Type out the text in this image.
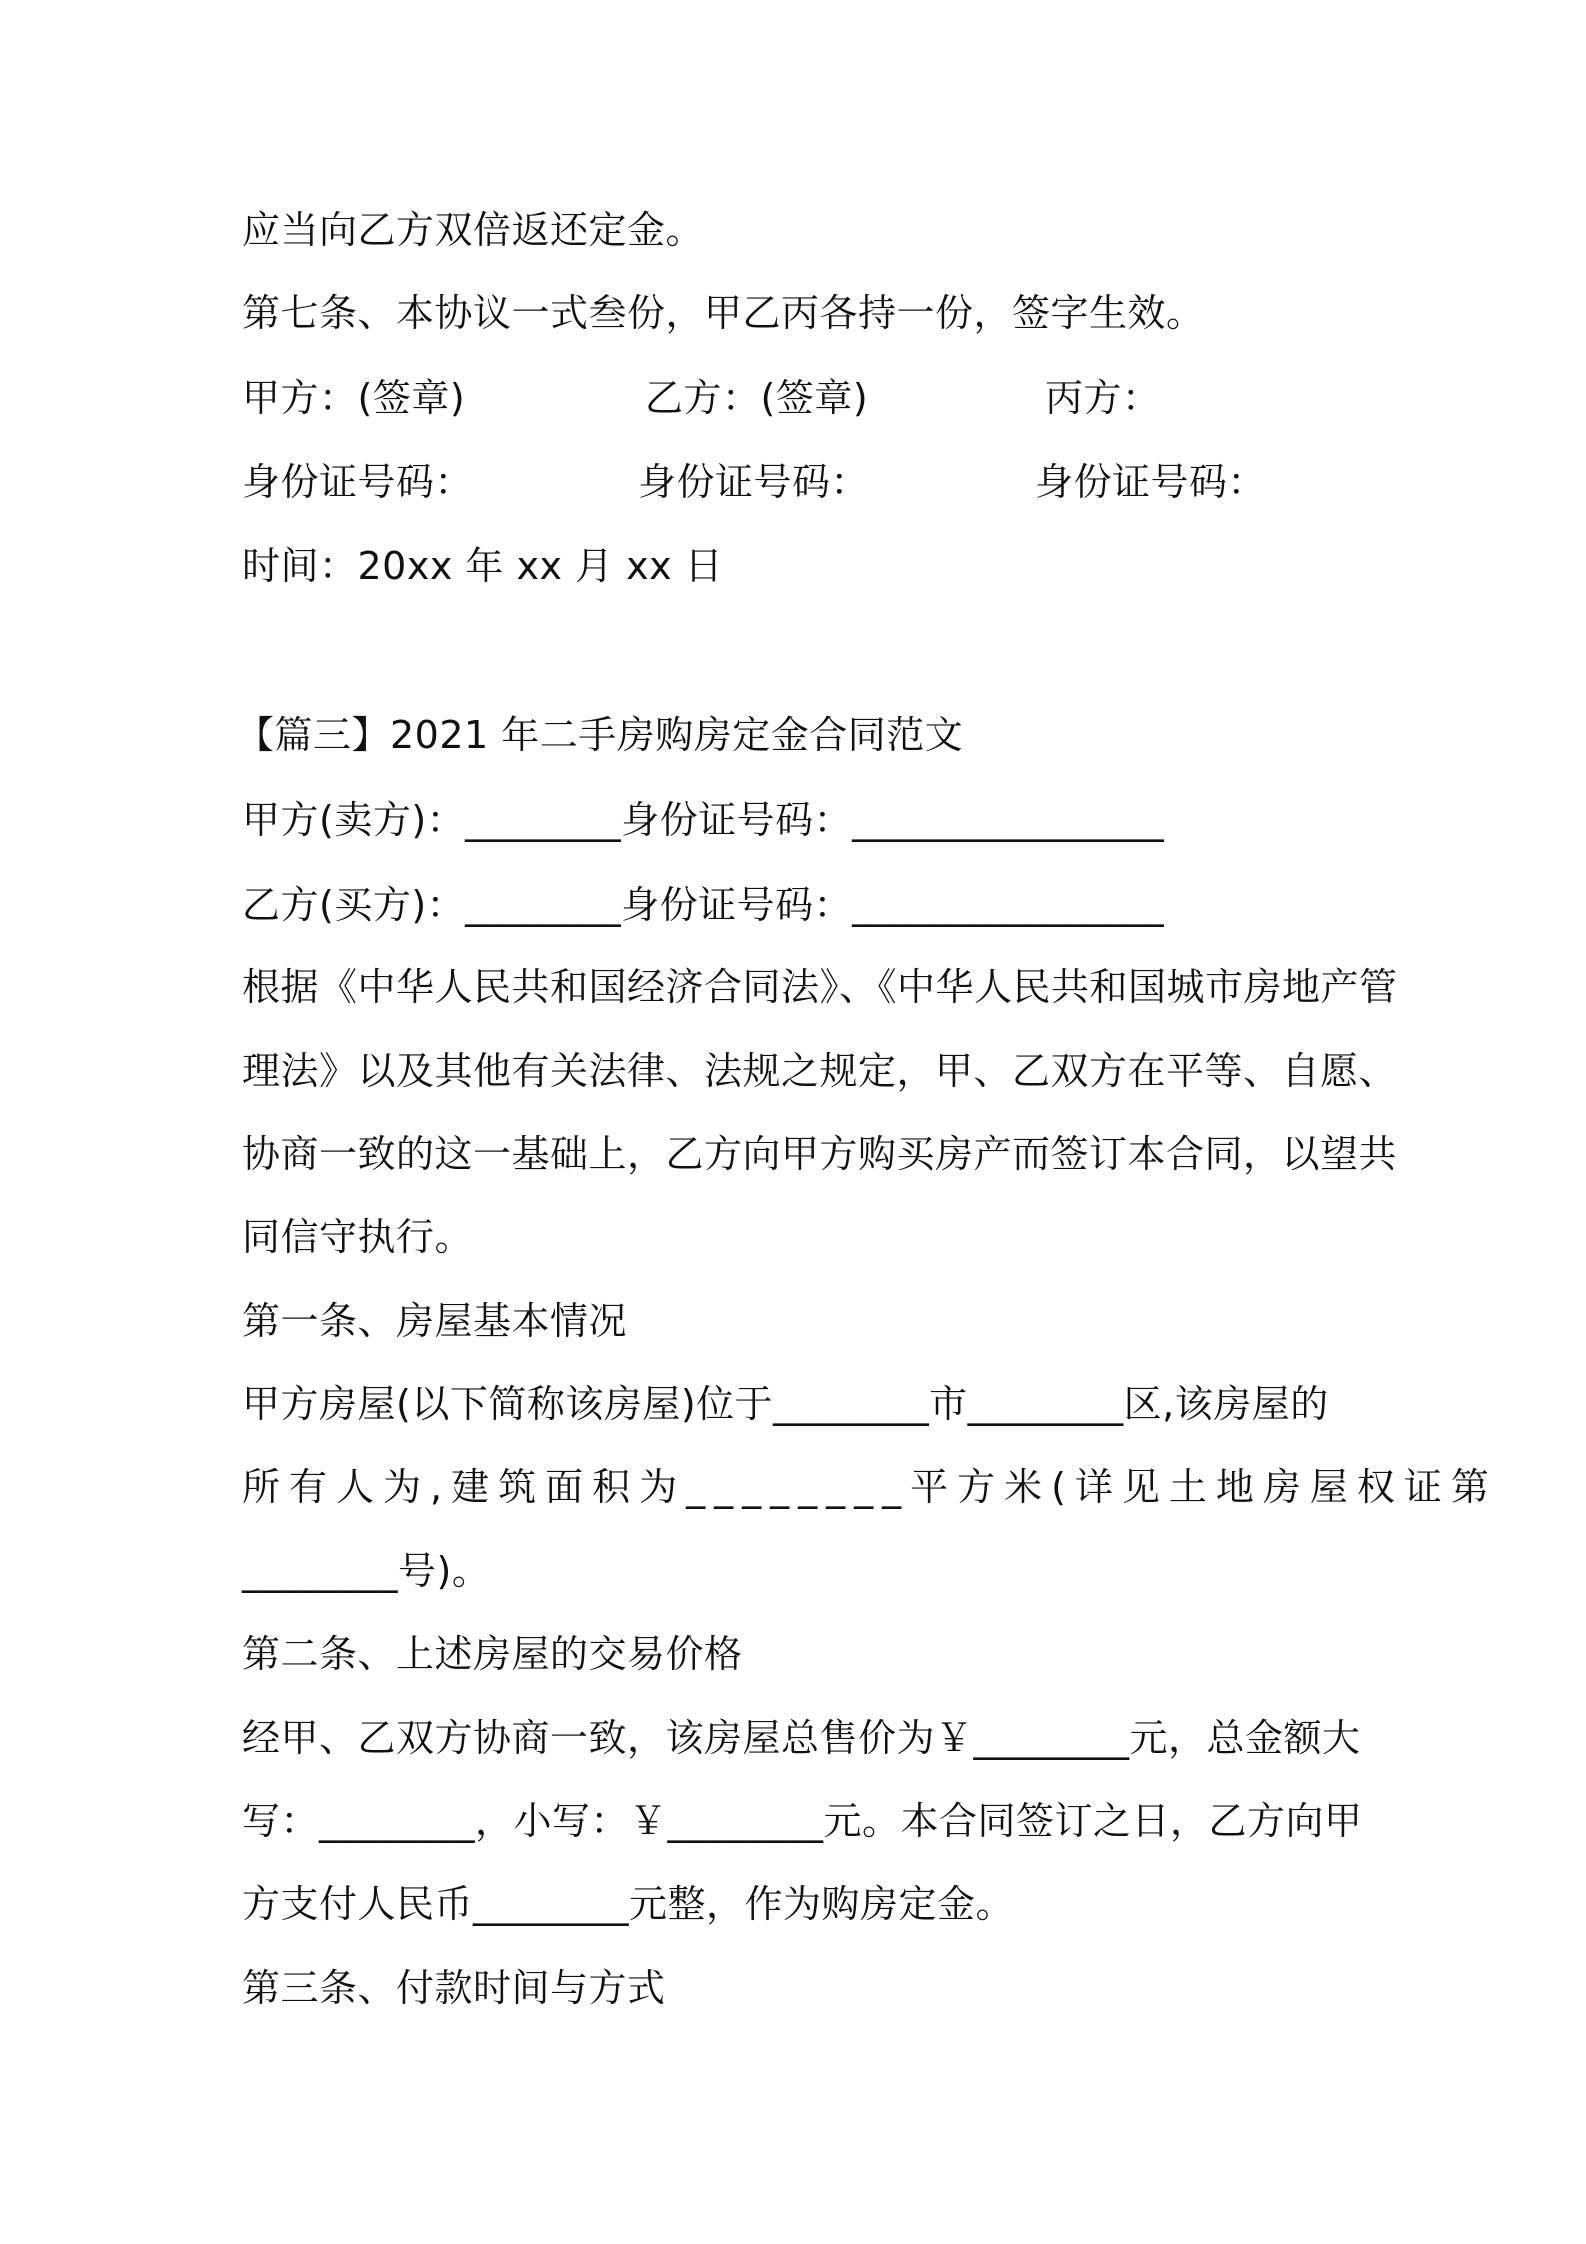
应当向乙方双倍返还定金。
第七条、本协议一式叁份，甲乙丙各持一份，签字生效。
甲方：(签章)	乙方：(签章)	丙方：
身份证号码：	身份证号码：	身份证号码：
时间：20xx 年 xx 月 xx 日
【篇三】2021 年二手房购房定金合同范文
甲方(卖方)：________身份证号码：________________
乙方(买方)：________身份证号码：________________
根据《中华人民共和国经济合同法》、《中华人民共和国城市房地产管
理法》以及其他有关法律、法规之规定，甲、乙双方在平等、自愿、
协商一致的这一基础上，乙方向甲方购买房产而签订本合同，以望共
同信守执行。
第一条、房屋基本情况
甲方房屋(以下简称该房屋)位于________市________区,该房屋的
所有人为,建筑面积为________平方米(详见土地房屋权证第
________号)。
第二条、上述房屋的交易价格
经甲、乙双方协商一致，该房屋总售价为￥________元，总金额大
写：________，小写：￥________元。本合同签订之日，乙方向甲
方支付人民币________元整，作为购房定金。
第三条、付款时间与方式
